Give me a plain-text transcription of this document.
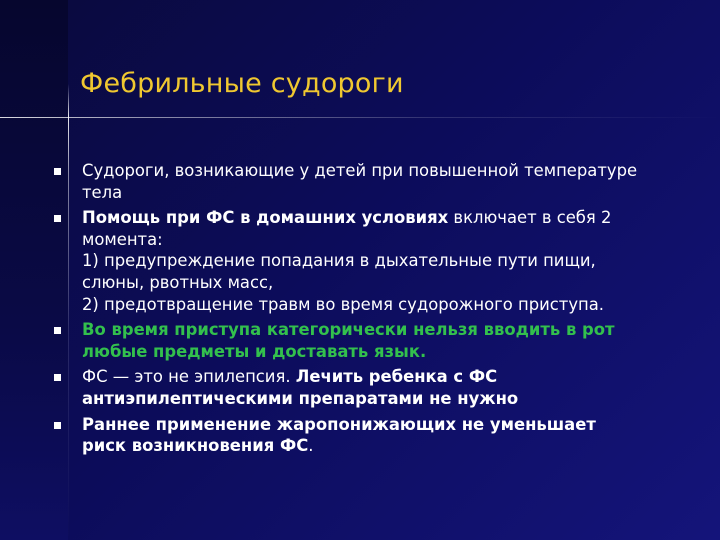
Фебрильные судороги
Судороги, возникающие у детей при повышенной температуре
тела
Помощь при ФС в домашних условиях включает в себя 2
момента:
1) предупреждение попадания в дыхательные пути пищи,
слюны, рвотных масс,
2) предотвращение травм во время судорожного приступа.
Во время приступа категорически нельзя вводить в рот
любые предметы и доставать язык.
ФС — это не эпилепсия. Лечить ребенка с ФС
антиэпилептическими препаратами не нужно
Раннее применение жаропонижающих не уменьшает
риск возникновения ФС.
